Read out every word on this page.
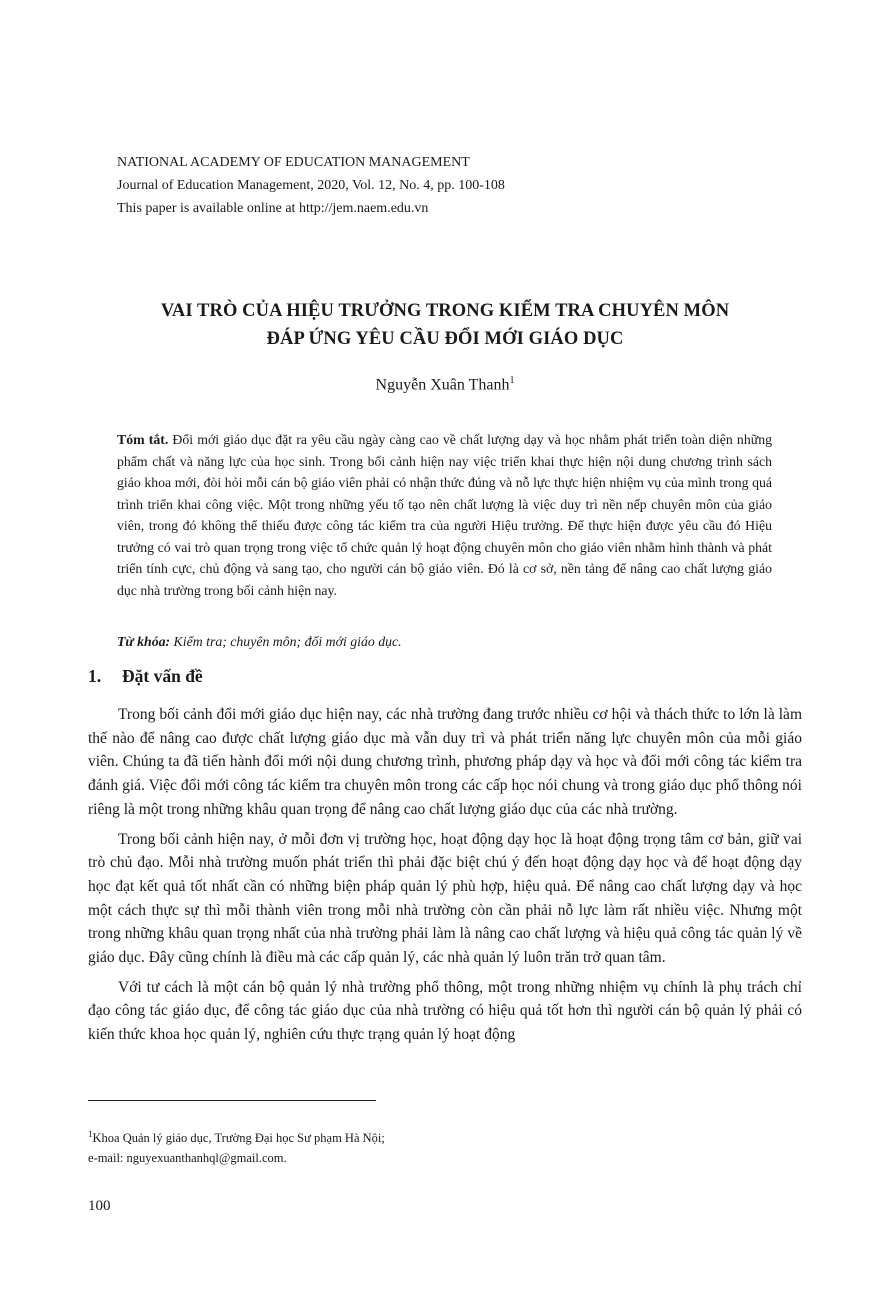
NATIONAL ACADEMY OF EDUCATION MANAGEMENT
Journal of Education Management, 2020, Vol. 12, No. 4, pp. 100-108
This paper is available online at http://jem.naem.edu.vn
VAI TRÒ CỦA HIỆU TRƯỞNG TRONG KIỂM TRA CHUYÊN MÔN
ĐÁP ỨNG YÊU CẦU ĐỔI MỚI GIÁO DỤC
Nguyễn Xuân Thanh$^1$
Tóm tắt. Đổi mới giáo dục đặt ra yêu cầu ngày càng cao về chất lượng dạy và học nhằm phát triển toàn diện những phẩm chất và năng lực của học sinh. Trong bối cảnh hiện nay việc triển khai thực hiện nội dung chương trình sách giáo khoa mới, đòi hỏi mỗi cán bộ giáo viên phải có nhận thức đúng và nỗ lực thực hiện nhiệm vụ của mình trong quá trình triển khai công việc. Một trong những yếu tố tạo nên chất lượng là việc duy trì nền nếp chuyên môn của giáo viên, trong đó không thể thiếu được công tác kiểm tra của người Hiệu trưởng. Để thực hiện được yêu cầu đó Hiệu trưởng có vai trò quan trọng trong việc tổ chức quản lý hoạt động chuyên môn cho giáo viên nhằm hình thành và phát triển tính cực, chủ động và sang tạo, cho người cán bộ giáo viên. Đó là cơ sở, nền tảng để nâng cao chất lượng giáo dục nhà trường trong bối cảnh hiện nay.
Từ khóa: Kiểm tra; chuyên môn; đổi mới giáo dục.
1. Đặt vấn đề

Trong bối cảnh đổi mới giáo dục hiện nay, các nhà trường đang trước nhiều cơ hội và thách thức to lớn là làm thế nào để nâng cao được chất lượng giáo dục mà vẫn duy trì và phát triển năng lực chuyên môn của mỗi giáo viên. Chúng ta đã tiến hành đổi mới nội dung chương trình, phương pháp dạy và học và đổi mới công tác kiểm tra đánh giá. Việc đổi mới công tác kiểm tra chuyên môn trong các cấp học nói chung và trong giáo dục phổ thông nói riêng là một trong những khâu quan trọng để nâng cao chất lượng giáo dục của các nhà trường.

Trong bối cảnh hiện nay, ở mỗi đơn vị trường học, hoạt động dạy học là hoạt động trọng tâm cơ bản, giữ vai trò chủ đạo. Mỗi nhà trường muốn phát triển thì phải đặc biệt chú ý đến hoạt động dạy học và để hoạt động dạy học đạt kết quả tốt nhất cần có những biện pháp quản lý phù hợp, hiệu quả. Để nâng cao chất lượng dạy và học một cách thực sự thì mỗi thành viên trong mỗi nhà trường còn cần phải nỗ lực làm rất nhiều việc. Nhưng một trong những khâu quan trọng nhất của nhà trường phải làm là nâng cao chất lượng và hiệu quả công tác quản lý về giáo dục. Đây cũng chính là điều mà các cấp quản lý, các nhà quản lý luôn trăn trở quan tâm.

Với tư cách là một cán bộ quản lý nhà trường phổ thông, một trong những nhiệm vụ chính là phụ trách chỉ đạo công tác giáo dục, để công tác giáo dục của nhà trường có hiệu quả tốt hơn thì người cán bộ quản lý phải có kiến thức khoa học quản lý, nghiên cứu thực trạng quản lý hoạt động

$^1$Khoa Quản lý giáo dục, Trường Đại học Sư phạm Hà Nội;
e-mail: nguyexuanthanhql@gmail.com.
100
